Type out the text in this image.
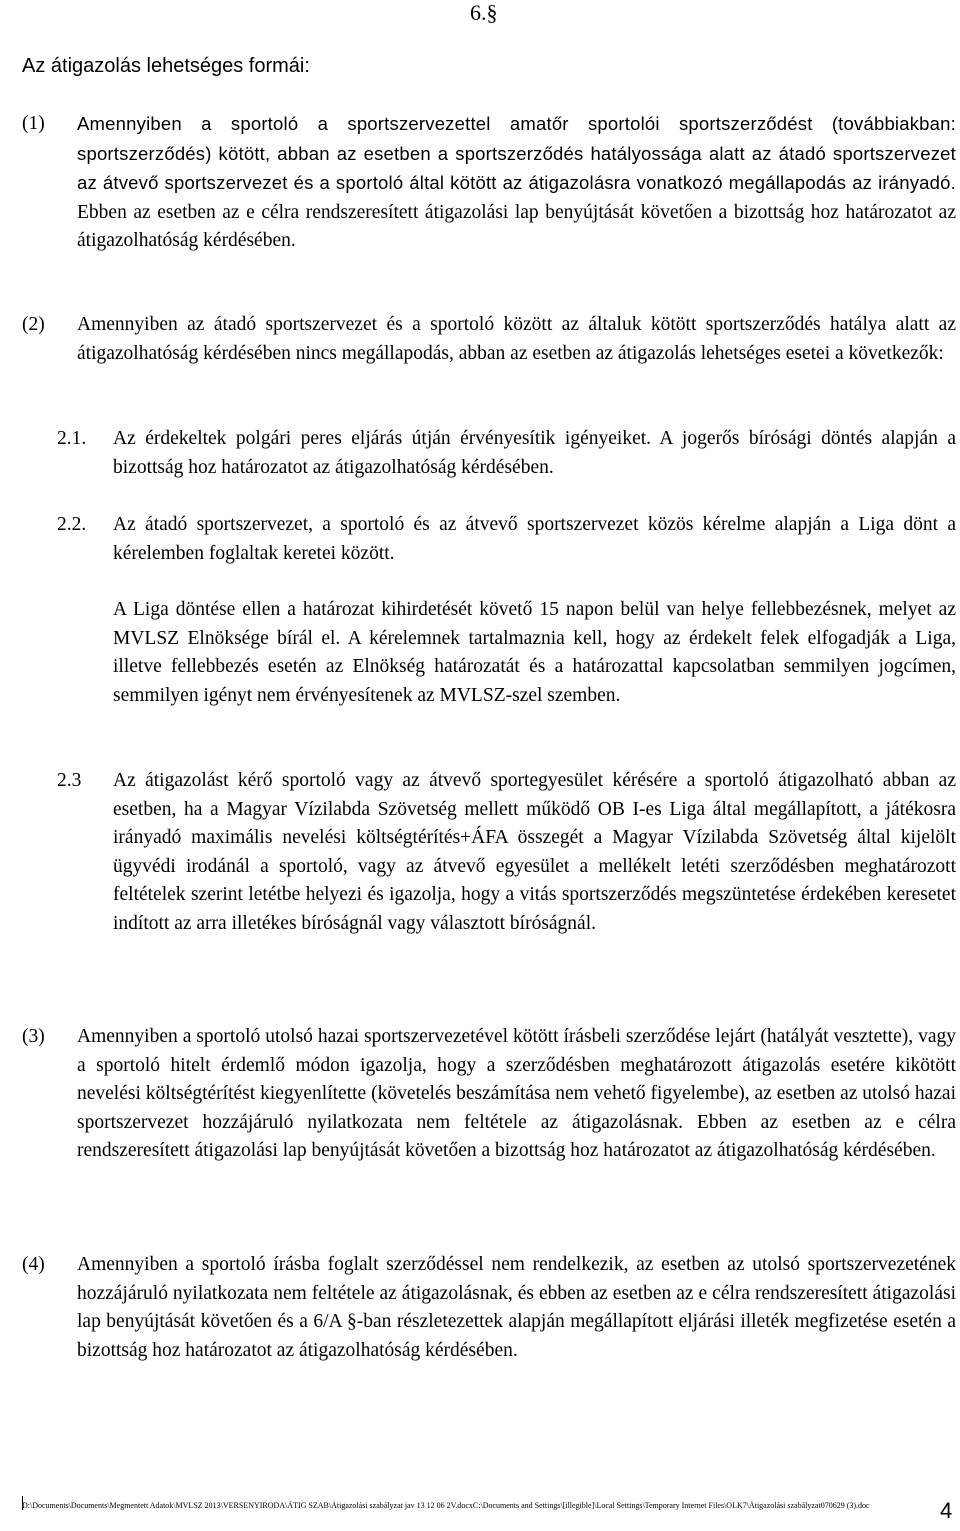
6.§
Az átigazolás lehetséges formái:
(1) Amennyiben a sportoló a sportszervezettel amatőr sportolói sportszerződést (továbbiakban: sportszerződés) kötött, abban az esetben a sportszerződés hatályossága alatt az átadó sportszervezet az átvevő sportszervezet és a sportoló által kötött az átigazolásra vonatkozó megállapodás az irányadó. Ebben az esetben az e célra rendszeresített átigazolási lap benyújtását követően a bizottság hoz határozatot az átigazolhatóság kérdésében.
(2) Amennyiben az átadó sportszervezet és a sportoló között az általuk kötött sportszerződés hatálya alatt az átigazolhatóság kérdésében nincs megállapodás, abban az esetben az átigazolás lehetséges esetei a következők:
2.1. Az érdekeltek polgári peres eljárás útján érvényesítik igényeiket. A jogerős bírósági döntés alapján a bizottság hoz határozatot az átigazolhatóság kérdésében.
2.2. Az átadó sportszervezet, a sportoló és az átvevő sportszervezet közös kérelme alapján a Liga dönt a kérelemben foglaltak keretei között.
A Liga döntése ellen a határozat kihirdetését követő 15 napon belül van helye fellebbezésnek, melyet az MVLSZ Elnöksége bírál el. A kérelemnek tartalmaznia kell, hogy az érdekelt felek elfogadják a Liga, illetve fellebbezés esetén az Elnökség határozatát és a határozattal kapcsolatban semmilyen jogcímen, semmilyen igényt nem érvényesítenek az MVLSZ-szel szemben.
2.3 Az átigazolást kérő sportoló vagy az átvevő sportegyesület kérésére a sportoló átigazolható abban az esetben, ha a Magyar Vízilabda Szövetség mellett működő OB I-es Liga által megállapított, a játékosra irányadó maximális nevelési költségtérítés+ÁFA összegét a Magyar Vízilabda Szövetség által kijelölt ügyvédi irodánál a sportoló, vagy az átvevő egyesület a mellékelt letéti szerződésben meghatározott feltételek szerint letétbe helyezi és igazolja, hogy a vitás sportszerződés megszüntetése érdekében keresetet indított az arra illetékes bíróságnál vagy választott bíróságnál.
(3) Amennyiben a sportoló utolsó hazai sportszervezetével kötött írásbeli szerződése lejárt (hatályát vesztette), vagy a sportoló hitelt érdemlő módon igazolja, hogy a szerződésben meghatározott átigazolás esetére kikötött nevelési költségtérítést kiegyenlítette (követelés beszámítása nem vehető figyelembe), az esetben az utolsó hazai sportszervezet hozzájáruló nyilatkozata nem feltétele az átigazolásnak. Ebben az esetben az e célra rendszeresített átigazolási lap benyújtását követően a bizottság hoz határozatot az átigazolhatóság kérdésében.
(4) Amennyiben a sportoló írásba foglalt szerződéssel nem rendelkezik, az esetben az utolsó sportszervezetének hozzájáruló nyilatkozata nem feltétele az átigazolásnak, és ebben az esetben az e célra rendszeresített átigazolási lap benyújtását követően és a 6/A §-ban részletezettek alapján megállapított eljárási illeték megfizetése esetén a bizottság hoz határozatot az átigazolhatóság kérdésében.
D:\Documents\Documents\Megmentett Adatok\MVLSZ 2013\VERSENYIRODA\ÁTIG SZAB\Átigazolási szabályzat jav 13 12 06 2V.docxC:\Documents and Settings\[illegible]\Local Settings\Temporary Internet Files\OLK7\Átigazolási szabályzat070629 (3).doc	4
